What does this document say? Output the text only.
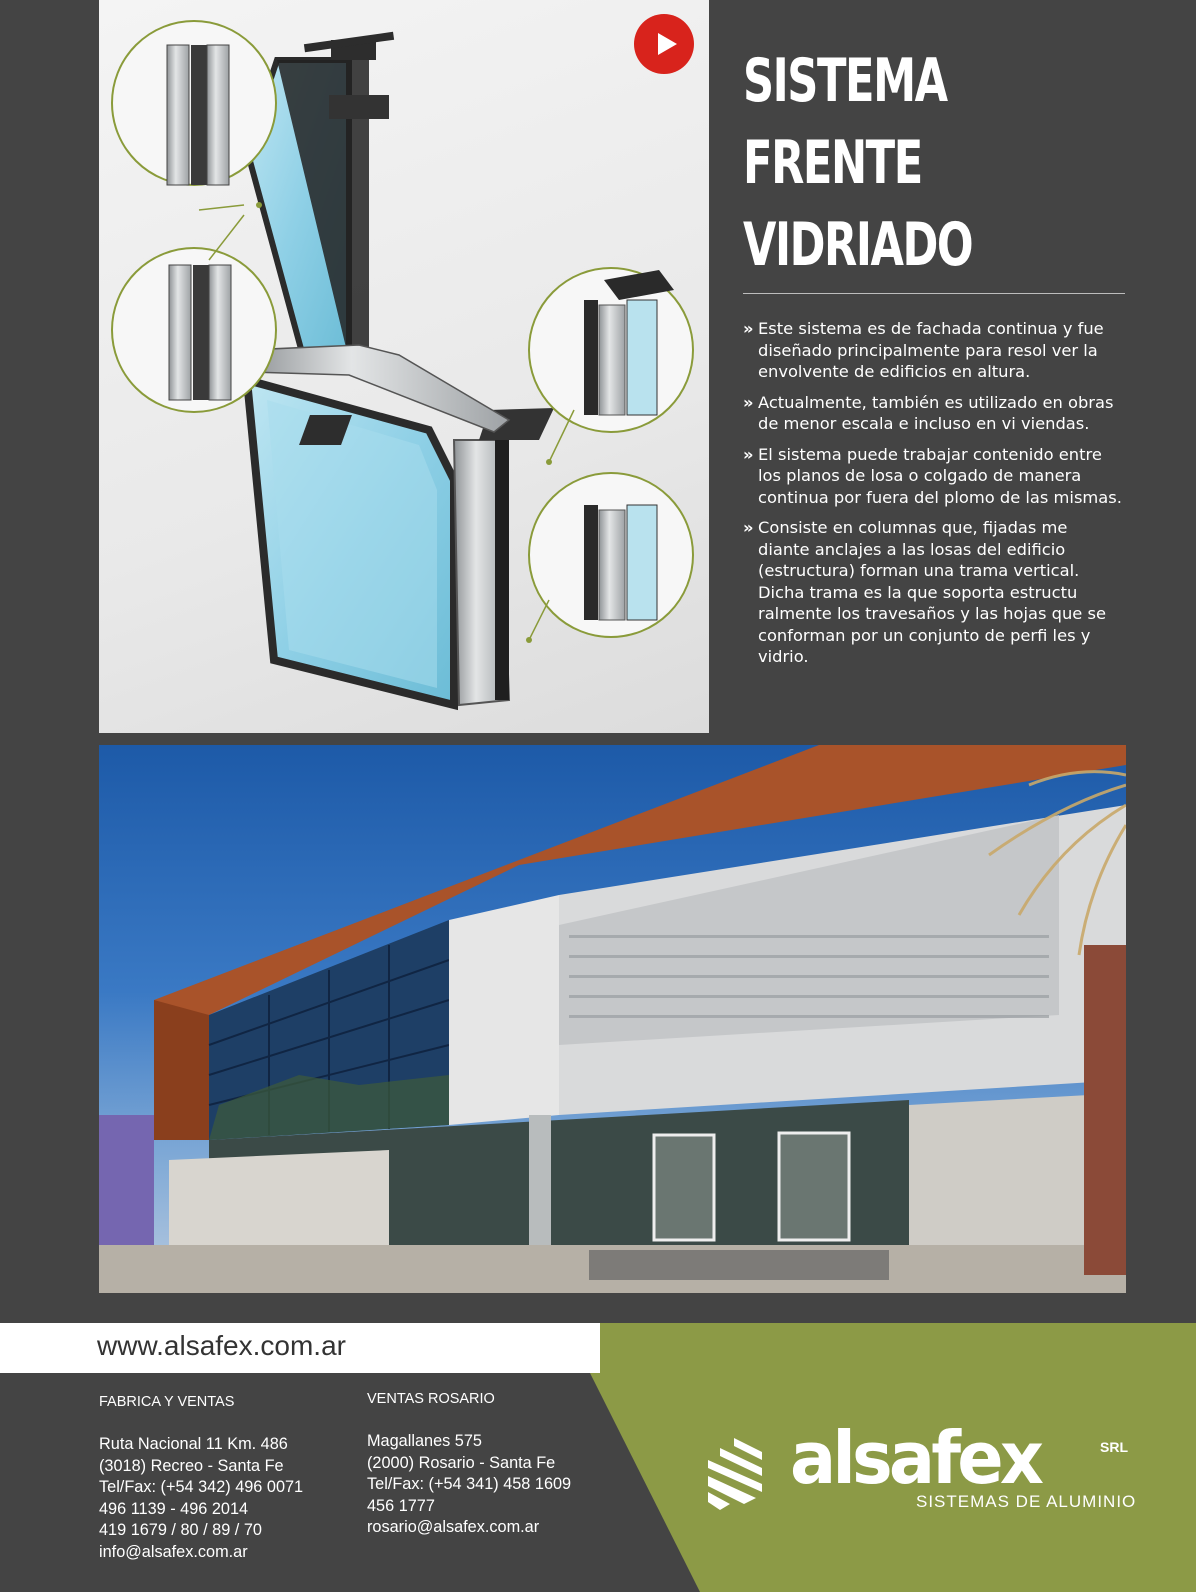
SISTEMA
FRENTE
VIDRIADO
» Este sistema es de fachada continua y fue diseñado principalmente para resol ver la envolvente de edificios en altura.
» Actualmente, también es utilizado en obras de menor escala e incluso en vi viendas.
» El sistema puede trabajar contenido entre los planos de losa o colgado de manera continua por fuera del plomo de las mismas.
» Consiste en columnas que, fijadas me diante anclajes a las losas del edificio (estructura) forman una trama vertical. Dicha trama es la que soporta estructu ralmente los travesaños y las hojas que se conforman por un conjunto de perfi les y vidrio.
www.alsafex.com.ar
FABRICA Y VENTAS
Ruta Nacional 11 Km. 486
(3018) Recreo - Santa Fe
Tel/Fax: (+54 342) 496 0071
496 1139 - 496 2014
419 1679 / 80 / 89 / 70
info@alsafex.com.ar
VENTAS ROSARIO
Magallanes 575
(2000) Rosario - Santa Fe
Tel/Fax: (+54 341) 458 1609
456 1777
rosario@alsafex.com.ar
alsafex	SRL
SISTEMAS DE ALUMINIO
